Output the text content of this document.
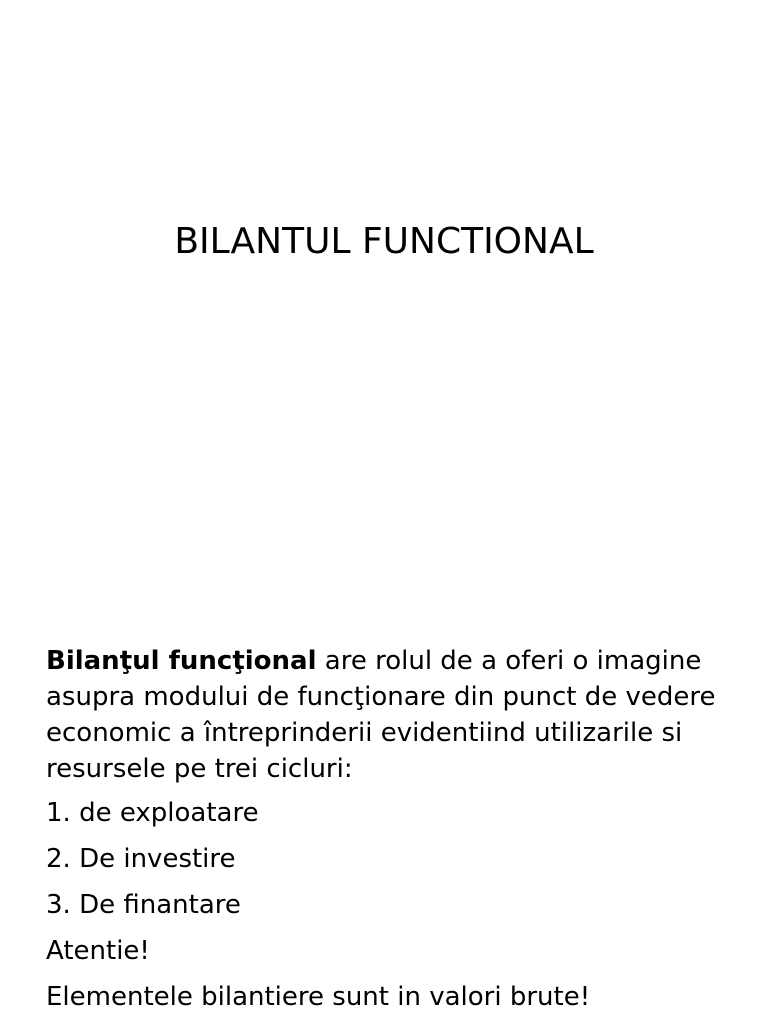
BILANTUL FUNCTIONAL

Bilanţul funcţional are rolul de a oferi o imagine asupra modului de funcţionare din punct de vedere economic a întreprinderii evidentiind utilizarile si resursele pe trei cicluri:

1. de exploatare
2. De investire
3. De finantare
Atentie!
Elementele bilantiere sunt in valori brute!
